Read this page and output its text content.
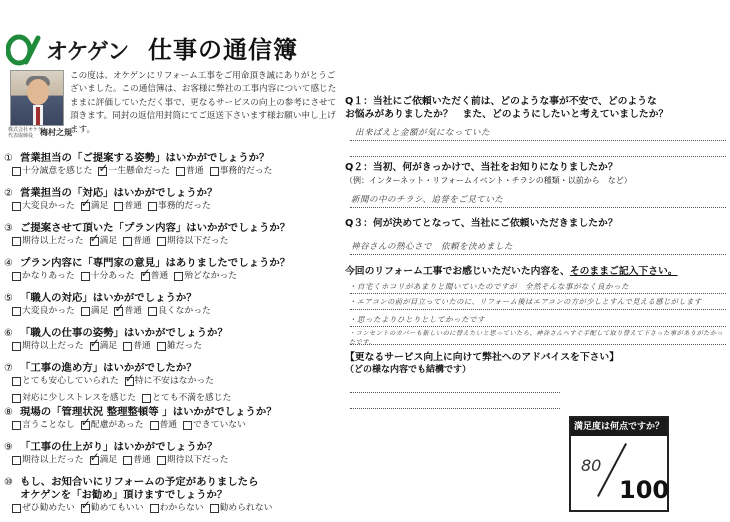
オケゲン 仕事の通信簿
株式会社オケゲン 代表取締役 梅村之規
この度は、オケゲンにリフォーム工事をご用命頂き誠にありがとうございました。この通信簿は、お客様に弊社の工事内容について感じたままに評価していただく事で、更なるサービスの向上の参考にさせて頂きます。同封の返信用封筒にてご返送下さいます様お願い申し上げます。
① 営業担当の「ご提案する姿勢」はいかがでしょうか？
十分誠意を感じた ✓ 一生懸命だった 普通 事務的だった
② 営業担当の「対応」はいかがでしょうか？
大変良かった ✓ 満足 普通 事務的だった
③ ご提案させて頂いた「プラン内容」はいかがでしょうか？
期待以上だった ✓ 満足 普通 期待以下だった
④ プラン内容に「専門家の意見」はありましたでしょうか？
かなりあった 十分あった ✓ 普通 殆どなかった
⑤ 「職人の対応」はいかがでしょうか？
大変良かった 満足 ✓ 普通 良くなかった
⑥ 「職人の仕事の姿勢」はいかがでしょうか？
期待以上だった ✓ 満足 普通 雑だった
⑦ 「工事の進め方」はいかがでしたか？
とても安心していられた ✓ 特に不安はなかった
対応に少しストレスを感じた とても不満を感じた
⑧ 現場の「管理状況 整理整頓等 」はいかがでしょうか？
言うことなし ✓ 配慮があった 普通 できていない
⑨ 「工事の仕上がり」はいかがでしょうか？
期待以上だった ✓ 満足 普通 期待以下だった
⑩ もし、お知合いにリフォームの予定がありましたら
オケゲンを「お勧め」頂けますでしょうか？
ぜひ勧めたい ✓ 勧めてもいい わからない 勧められない
Q１：当社にご依頼いただく前は、どのような事が不安で、どのような
お悩みがありましたか？　また、どのようにしたいと考えていましたか？
出来ばえと金額が気になっていた
Q２：当初、何がきっかけで、当社をお知りになりましたか？
（例：インターネット・リフォームイベント・チラシの種類・以前から　など）
新聞の中のチラシ、追誉をご見ていた
Q３：何が決めてとなって、当社にご依頼いただきましたか？
神谷さんの熱心さで　依頼を決めました
今回のリフォーム工事でお感じいただいた内容を、そのままご記入下さい。
・自宅くホコリがあまりと聞いていたのですが　全然そんな事がなく良かった
・エアコンの前が目立っていたのに、リフォーム後はエアコンの方が少しとすんで見える感じがします
・思ったよりひとりとしてかったです
・コンセントのカバーも新しいのに替えたいと思っていたら、神谷さんへすぐ手配して取り替えて下さった事がありがたかったです。
【更なるサービス向上に向けて弊社へのアドバイスを下さい】
（どの様な内容でも結構です）
満足度は何点ですか？
80
100
